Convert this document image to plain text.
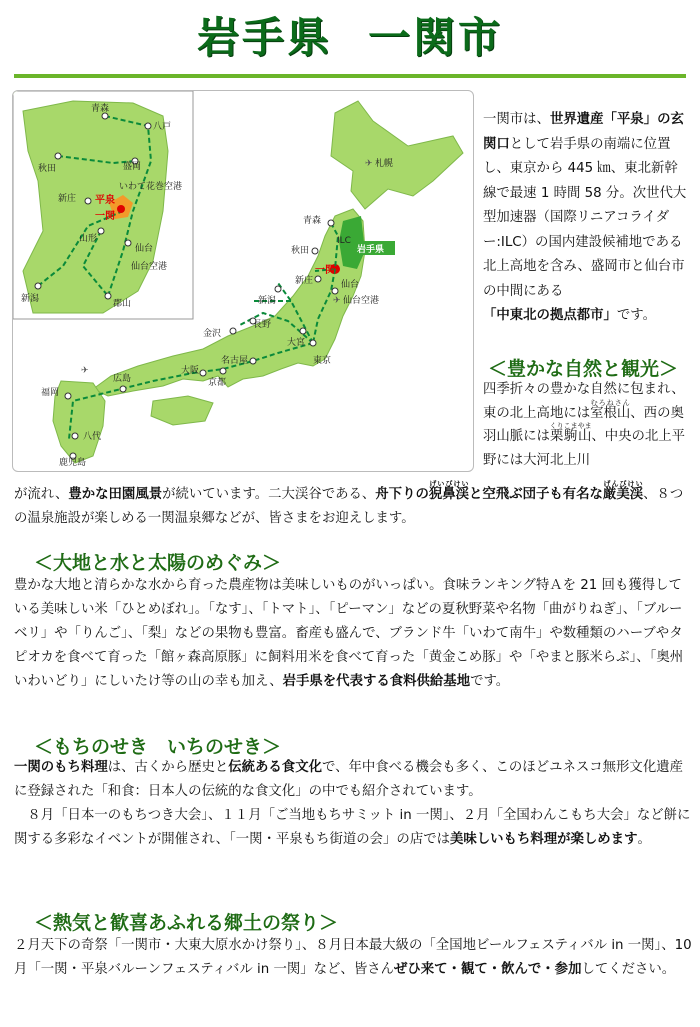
岩手県 一関市
青森
八戸
秋田	盛岡
いわて花巻空港
新庄 平泉
一関
山形
仙台
仙台空港
新潟	郡山
岩手県
札幌
青森
ILC
秋田
一関
新庄	仙台
仙台空港
新潟
長野
金沢
大宮
名古屋	東京
大阪
京都
広島
福岡
八代
鹿児島
✈
✈
✈
一関市は、世界遺産「平泉」の玄関口として岩手県の南端に位置し、東京から 445 ㎞、東北新幹線で最速 1 時間 58 分。次世代大型加速器（国際リニアコライダー:ILC）の国内建設候補地である北上高地を含み、盛岡市と仙台市の中間にある「中東北の拠点都市」です。
＜豊かな自然と観光＞
四季折々の豊かな自然に包まれ、東の北上高地には室根山むろねさん、西の奥羽山脈には栗駒山くりこまやま、中央の北上平野には大河北上川
が流れ、豊かな田園風景が続いています。二大渓谷である、舟下りの猊鼻渓げいびけいと空飛ぶ団子も有名な厳美渓げんびけい、８つの温泉施設が楽しめる一関温泉郷などが、皆さまをお迎えします。
＜大地と水と太陽のめぐみ＞
豊かな大地と清らかな水から育った農産物は美味しいものがいっぱい。食味ランキング特Ａを 21 回も獲得している美味しい米「ひとめぼれ」。「なす」、「トマト」、「ピーマン」などの夏秋野菜や名物「曲がりねぎ」、「ブルーベリ」や「りんご」、「梨」などの果物も豊富。畜産も盛んで、ブランド牛「いわて南牛」や数種類のハーブやタピオカを食べて育った「館ヶ森高原豚」に飼料用米を食べて育った「黄金こめ豚」や「やまと豚米らぶ」、「奥州いわいどり」にしいたけ等の山の幸も加え、岩手県を代表する食料供給基地です。
＜もちのせき　いちのせき＞
一関のもち料理は、古くから歴史と伝統ある食文化で、年中食べる機会も多く、このほどユネスコ無形文化遺産に登録された「和食：日本人の伝統的な食文化」の中でも紹介されています。
　８月「日本一のもちつき大会」、１１月「ご当地もちサミット in 一関」、２月「全国わんこもち大会」など餅に関する多彩なイベントが開催され、「一関・平泉もち街道の会」の店では美味しいもち料理が楽しめます。
＜熱気と歓喜あふれる郷土の祭り＞
２月天下の奇祭「一関市・大東大原水かけ祭り」、８月日本最大級の「全国地ビールフェスティバル in 一関」、10 月「一関・平泉バルーンフェスティバル in 一関」など、皆さんぜひ来て・観て・飲んで・参加してください。
